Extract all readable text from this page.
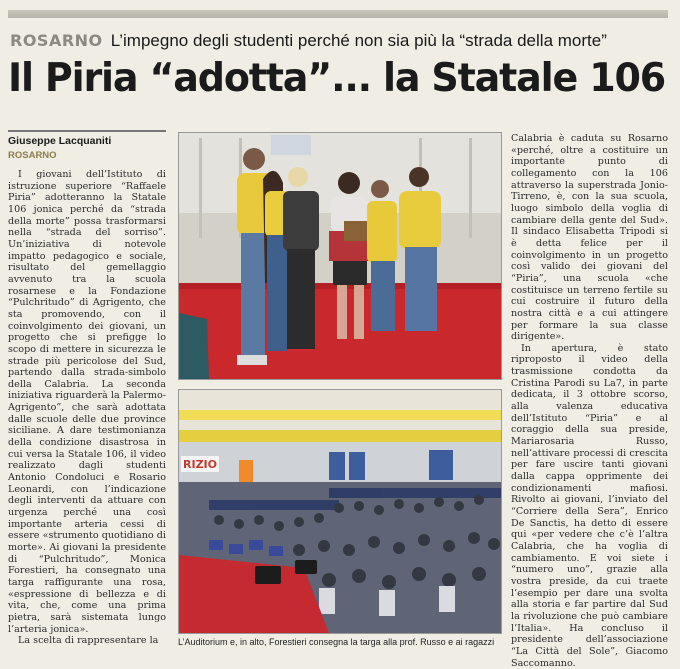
ROSARNO L’impegno degli studenti perché non sia più la “strada della morte”
Il Piria “adotta”... la Statale 106
Giuseppe Lacquaniti
ROSARNO

I giovani dell’Istituto di istruzione superiore “Raffaele Piria” adotteranno la Statale 106 jonica perché da “strada della morte” possa trasformarsi nella “strada del sorriso”. Un’iniziativa di notevole impatto pedagogico e sociale, risultato del gemellaggio avvenuto tra la scuola rosarnese e la Fondazione “Pulchritudo” di Agrigento, che sta promovendo, con il coinvolgimento dei giovani, un progetto che si prefigge lo scopo di mettere in sicurezza le strade più pericolose del Sud, partendo dalla strada-simbolo della Calabria. La seconda iniziativa riguarderà la Palermo-Agrigento”, che sarà adottata dalle scuole delle due province siciliane. A dare testimonianza della condizione disastrosa in cui versa la Statale 106, il video realizzato dagli studenti Antonio Condoluci e Rosario Leonardi, con l’indicazione degli interventi da attuare con urgenza perché una così importante arteria cessi di essere «strumento quotidiano di morte». Ai giovani la presidente di “Pulchritudo”, Monica Forestieri, ha consegnato una targa raffigurante una rosa, «espressione di bellezza e di vita, che, come una prima pietra, sarà sistemata lungo l’arteria jonica».

La scelta di rappresentare la

RIZIO
L’Auditorium e, in alto, Forestieri consegna la targa alla prof. Russo e ai ragazzi

Calabria è caduta su Rosarno «perché, oltre a costituire un importante punto di collegamento con la 106 attraverso la superstrada Jonio-Tirreno, è, con la sua scuola, luogo simbolo della voglia di cambiare della gente del Sud». Il sindaco Elisabetta Tripodi si è detta felice per il coinvolgimento in un progetto così valido dei giovani del “Piria”, una scuola «che costituisce un terreno fertile su cui costruire il futuro della nostra città e a cui attingere per formare la sua classe dirigente».

In apertura, è stato riproposto il video della trasmissione condotta da Cristina Parodi su La7, in parte dedicata, il 3 ottobre scorso, alla valenza educativa dell’Istituto “Piria” e al coraggio della sua preside, Mariarosaria Russo, nell’attivare processi di crescita per fare uscire tanti giovani dalla cappa opprimente dei condizionamenti mafiosi. Rivolto ai giovani, l’inviato del “Corriere della Sera”, Enrico De Sanctis, ha detto di essere qui «per vedere che c’è l’altra Calabria, che ha voglia di cambiamento. E voi siete i “numero uno”, grazie alla vostra preside, da cui traete l’esempio per dare una svolta alla storia e far partire dal Sud la rivoluzione che può cambiare l’Italia». Ha concluso il presidente dell’associazione “La Città del Sole”, Giacomo Saccomanno.
